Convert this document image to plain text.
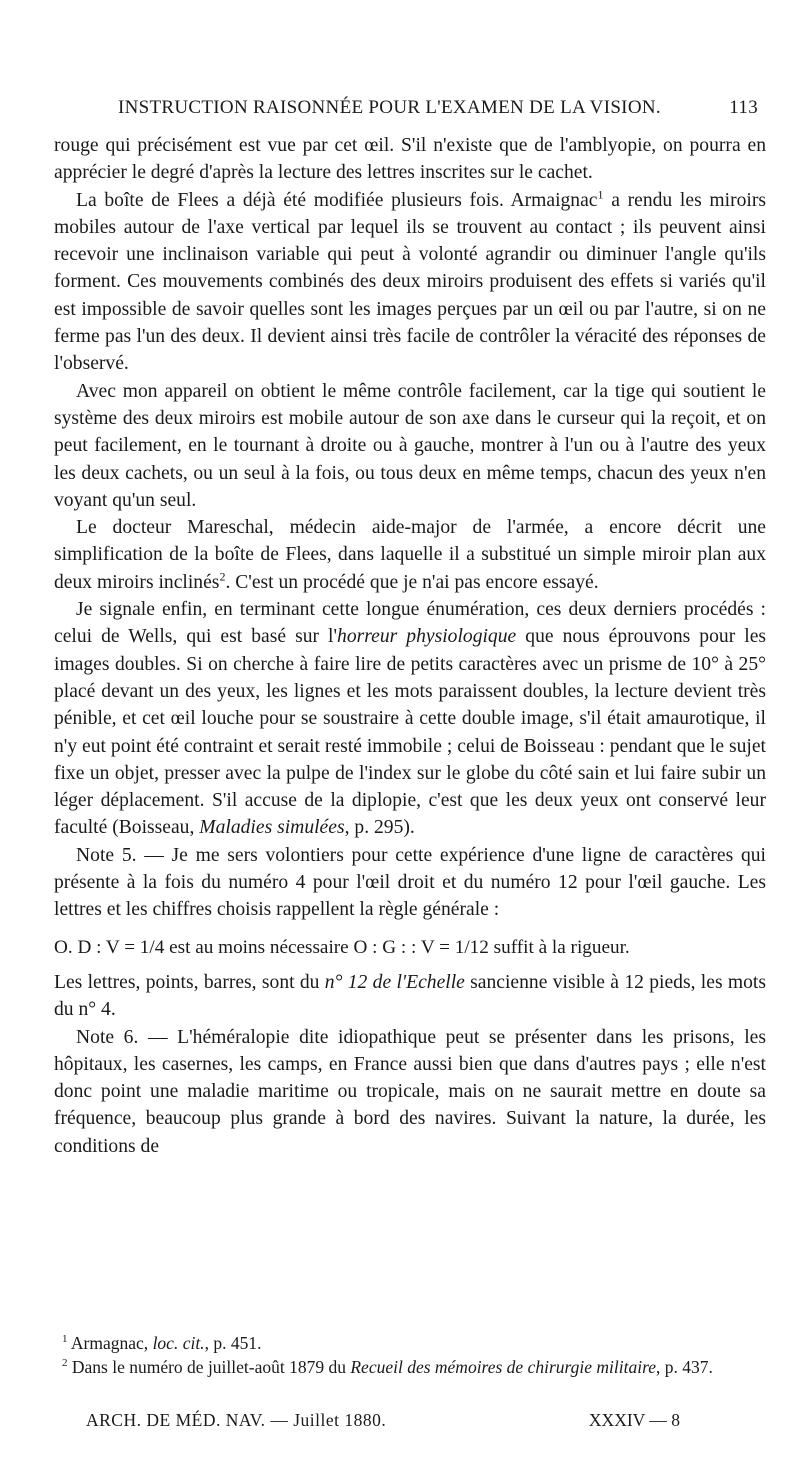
INSTRUCTION RAISONNÉE POUR L'EXAMEN DE LA VISION.	113

rouge qui précisément est vue par cet œil. S'il n'existe que de l'amblyopie, on pourra en apprécier le degré d'après la lecture des lettres inscrites sur le cachet.

La boîte de Flees a déjà été modifiée plusieurs fois. Armaignac$^1$ a rendu les miroirs mobiles autour de l'axe vertical par lequel ils se trouvent au contact ; ils peuvent ainsi recevoir une inclinaison variable qui peut à volonté agrandir ou diminuer l'angle qu'ils forment. Ces mouvements combinés des deux miroirs produisent des effets si variés qu'il est impossible de savoir quelles sont les images perçues par un œil ou par l'autre, si on ne ferme pas l'un des deux. Il devient ainsi très facile de contrôler la véracité des réponses de l'observé.

Avec mon appareil on obtient le même contrôle facilement, car la tige qui soutient le système des deux miroirs est mobile autour de son axe dans le curseur qui la reçoit, et on peut facilement, en le tournant à droite ou à gauche, montrer à l'un ou à l'autre des yeux les deux cachets, ou un seul à la fois, ou tous deux en même temps, chacun des yeux n'en voyant qu'un seul.

Le docteur Mareschal, médecin aide-major de l'armée, a encore décrit une simplification de la boîte de Flees, dans laquelle il a substitué un simple miroir plan aux deux miroirs inclinés$^2$. C'est un procédé que je n'ai pas encore essayé.

Je signale enfin, en terminant cette longue énumération, ces deux derniers procédés : celui de Wells, qui est basé sur l'horreur physiologique que nous éprouvons pour les images doubles. Si on cherche à faire lire de petits caractères avec un prisme de 10° à 25° placé devant un des yeux, les lignes et les mots paraissent doubles, la lecture devient très pénible, et cet œil louche pour se soustraire à cette double image, s'il était amaurotique, il n'y eut point été contraint et serait resté immobile ; celui de Boisseau : pendant que le sujet fixe un objet, presser avec la pulpe de l'index sur le globe du côté sain et lui faire subir un léger déplacement. S'il accuse de la diplopie, c'est que les deux yeux ont conservé leur faculté (Boisseau, Maladies simulées, p. 295).

Note 5. — Je me sers volontiers pour cette expérience d'une ligne de caractères qui présente à la fois du numéro 4 pour l'œil droit et du numéro 12 pour l'œil gauche. Les lettres et les chiffres choisis rappellent la règle générale :

O. D : V = 1/4 est au moins nécessaire O : G : : V = 1/12 suffit à la rigueur.

Les lettres, points, barres, sont du n° 12 de l'Echelle sancienne visible à 12 pieds, les mots du n° 4.

Note 6. — L'héméralopie dite idiopathique peut se présenter dans les prisons, les hôpitaux, les casernes, les camps, en France aussi bien que dans d'autres pays ; elle n'est donc point une maladie maritime ou tropicale, mais on ne saurait mettre en doute sa fréquence, beaucoup plus grande à bord des navires. Suivant la nature, la durée, les conditions de

$^1$ Armagnac, loc. cit., p. 451.

$^2$ Dans le numéro de juillet-août 1879 du Recueil des mémoires de chirurgie militaire, p. 437.

ARCH. DE MÉD. NAV. — Juillet 1880.	XXXIV — 8
